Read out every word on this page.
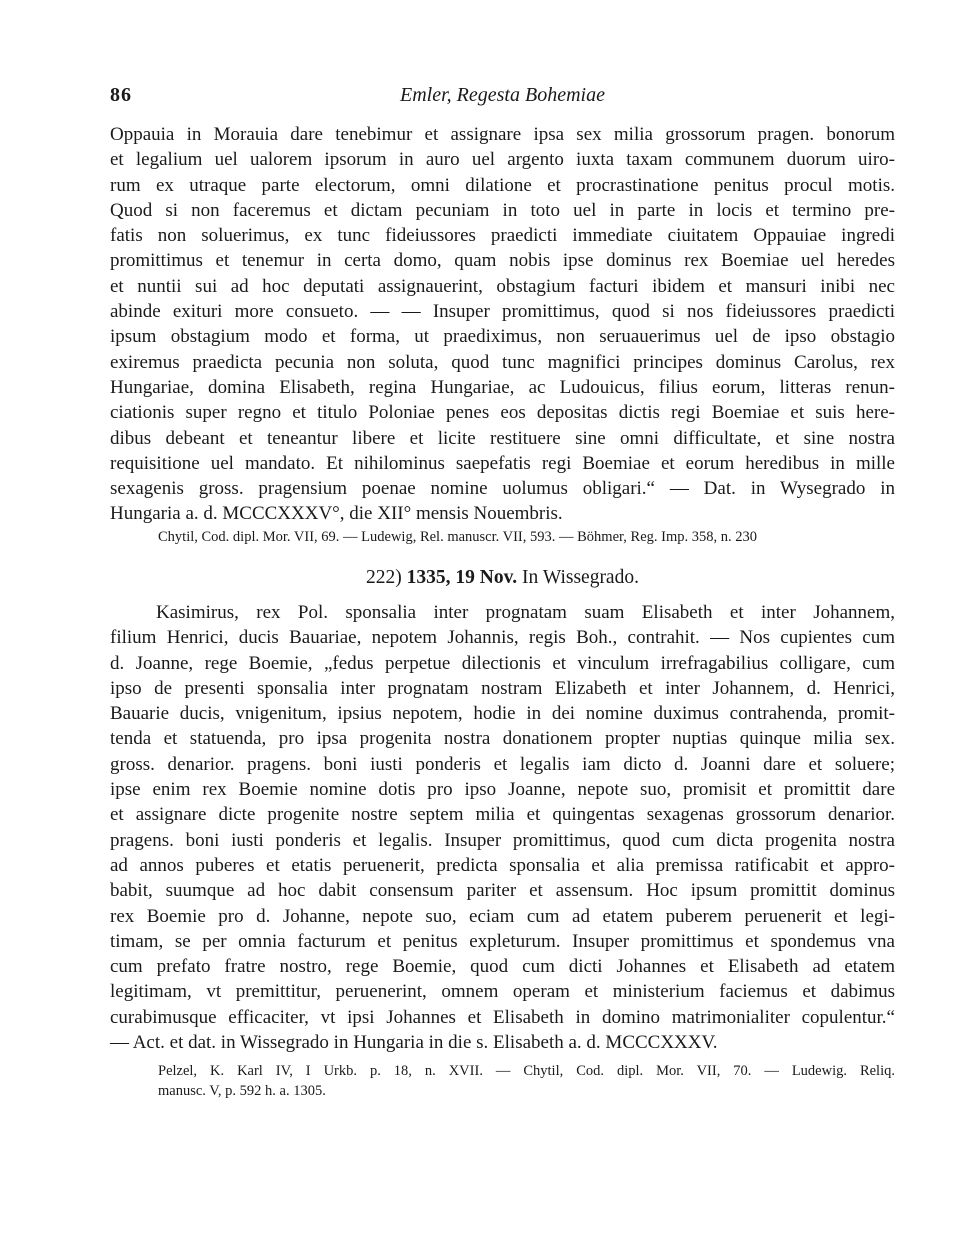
Emler, Regesta Bohemiae
86
Oppauia in Morauia dare tenebimur et assignare ipsa sex milia grossorum pragen. bonorum
et legalium uel ualorem ipsorum in auro uel argento iuxta taxam communem duorum uiro-
rum ex utraque parte electorum, omni dilatione et procrastinatione penitus procul motis.
Quod si non faceremus et dictam pecuniam in toto uel in parte in locis et termino pre-
fatis non soluerimus, ex tunc fideiussores praedicti immediate ciuitatem Oppauiae ingredi
promittimus et tenemur in certa domo, quam nobis ipse dominus rex Boemiae uel heredes
et nuntii sui ad hoc deputati assignauerint, obstagium facturi ibidem et mansuri inibi nec
abinde exituri more consueto. — — Insuper promittimus, quod si nos fideiussores praedicti
ipsum obstagium modo et forma, ut praediximus, non seruauerimus uel de ipso obstagio
exiremus praedicta pecunia non soluta, quod tunc magnifici principes dominus Carolus, rex
Hungariae, domina Elisabeth, regina Hungariae, ac Ludouicus, filius eorum, litteras renun-
ciationis super regno et titulo Poloniae penes eos depositas dictis regi Boemiae et suis here-
dibus debeant et teneantur libere et licite restituere sine omni difficultate, et sine nostra
requisitione uel mandato. Et nihilominus saepefatis regi Boemiae et eorum heredibus in mille
sexagenis gross. pragensium poenae nomine uolumus obligari.“ — Dat. in Wysegrado in
Hungaria a. d. MCCCXXXV°, die XII° mensis Nouembris.
Chytil, Cod. dipl. Mor. VII, 69. — Ludewig, Rel. manuscr. VII, 593. — Böhmer, Reg. Imp. 358, n. 230
222) 1335, 19 Nov. In Wissegrado.
Kasimirus, rex Pol. sponsalia inter prognatam suam Elisabeth et inter Johannem,
filium Henrici, ducis Bauariae, nepotem Johannis, regis Boh., contrahit. — Nos cupientes cum
d. Joanne, rege Boemie, „fedus perpetue dilectionis et vinculum irrefragabilius colligare, cum
ipso de presenti sponsalia inter prognatam nostram Elizabeth et inter Johannem, d. Henrici,
Bauarie ducis, vnigenitum, ipsius nepotem, hodie in dei nomine duximus contrahenda, promit-
tenda et statuenda, pro ipsa progenita nostra donationem propter nuptias quinque milia sex.
gross. denarior. pragens. boni iusti ponderis et legalis iam dicto d. Joanni dare et soluere;
ipse enim rex Boemie nomine dotis pro ipso Joanne, nepote suo, promisit et promittit dare
et assignare dicte progenite nostre septem milia et quingentas sexagenas grossorum denarior.
pragens. boni iusti ponderis et legalis. Insuper promittimus, quod cum dicta progenita nostra
ad annos puberes et etatis peruenerit, predicta sponsalia et alia premissa ratificabit et appro-
babit, suumque ad hoc dabit consensum pariter et assensum. Hoc ipsum promittit dominus
rex Boemie pro d. Johanne, nepote suo, eciam cum ad etatem puberem peruenerit et legi-
timam, se per omnia facturum et penitus expleturum. Insuper promittimus et spondemus vna
cum prefato fratre nostro, rege Boemie, quod cum dicti Johannes et Elisabeth ad etatem
legitimam, vt premittitur, peruenerint, omnem operam et ministerium faciemus et dabimus
curabimusque efficaciter, vt ipsi Johannes et Elisabeth in domino matrimonialiter copulentur.“
— Act. et dat. in Wissegrado in Hungaria in die s. Elisabeth a. d. MCCCXXXV.
Pelzel, K. Karl IV, I Urkb. p. 18, n. XVII. — Chytil, Cod. dipl. Mor. VII, 70. — Ludewig. Reliq.
manusc. V, p. 592 h. a. 1305.
